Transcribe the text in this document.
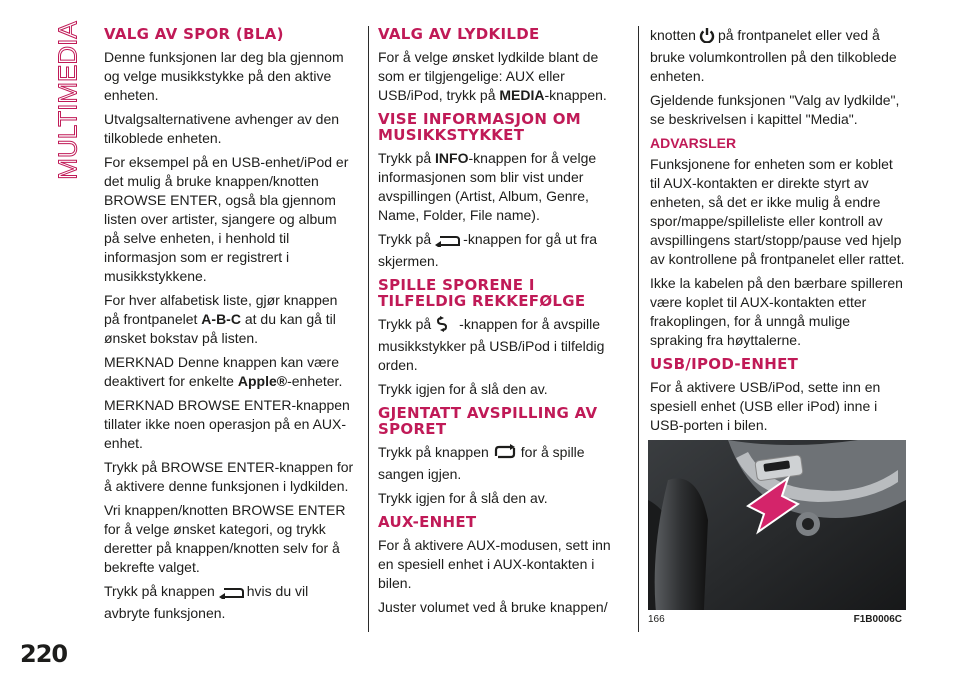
MULTIMEDIA
220
VALG AV SPOR (BLA)

Denne funksjonen lar deg bla gjennom og velge musikkstykke på den aktive enheten.

Utvalgsalternativene avhenger av den tilkoblede enheten.

For eksempel på en USB-enhet/iPod er det mulig å bruke knappen/knotten BROWSE ENTER, også bla gjennom listen over artister, sjangere og album på selve enheten, i henhold til informasjon som er registrert i musikkstykkene.

For hver alfabetisk liste, gjør knappen på frontpanelet A-B-C at du kan gå til ønsket bokstav på listen.

MERKNAD Denne knappen kan være deaktivert for enkelte Apple®-enheter.

MERKNAD BROWSE ENTER-knappen tillater ikke noen operasjon på en AUX-enhet.

Trykk på BROWSE ENTER-knappen for å aktivere denne funksjonen i lydkilden.

Vri knappen/knotten BROWSE ENTER for å velge ønsket kategori, og trykk deretter på knappen/knotten selv for å bekrefte valget.

Trykk på knappen hvis du vil avbryte funksjonen.

VALG AV LYDKILDE

For å velge ønsket lydkilde blant de som er tilgjengelige: AUX eller USB/iPod, trykk på MEDIA-knappen.

VISE INFORMASJON OM MUSIKKSTYKKET

Trykk på INFO-knappen for å velge informasjonen som blir vist under avspillingen (Artist, Album, Genre, Name, Folder, File name).

Trykk på -knappen for gå ut fra skjermen.

SPILLE SPORENE I TILFELDIG REKKEFØLGE

Trykk på -knappen for å avspille musikkstykker på USB/iPod i tilfeldig orden.

Trykk igjen for å slå den av.

GJENTATT AVSPILLING AV SPORET

Trykk på knappen for å spille sangen igjen.

Trykk igjen for å slå den av.

AUX-ENHET

For å aktivere AUX-modusen, sett inn en spesiell enhet i AUX-kontakten i bilen.

Juster volumet ved å bruke knappen/

knotten på frontpanelet eller ved å bruke volumkontrollen på den tilkoblede enheten.

Gjeldende funksjonen "Valg av lydkilde", se beskrivelsen i kapittel "Media".

ADVARSLER

Funksjonene for enheten som er koblet til AUX-kontakten er direkte styrt av enheten, så det er ikke mulig å endre spor/mappe/spilleliste eller kontroll av avspillingens start/stopp/pause ved hjelp av kontrollene på frontpanelet eller rattet.

Ikke la kabelen på den bærbare spilleren være koplet til AUX-kontakten etter frakoplingen, for å unngå mulige spraking fra høyttalerne.

USB/IPOD-ENHET

For å aktivere USB/iPod, sette inn en spesiell enhet (USB eller iPod) inne i USB-porten i bilen.

166	F1B0006C
